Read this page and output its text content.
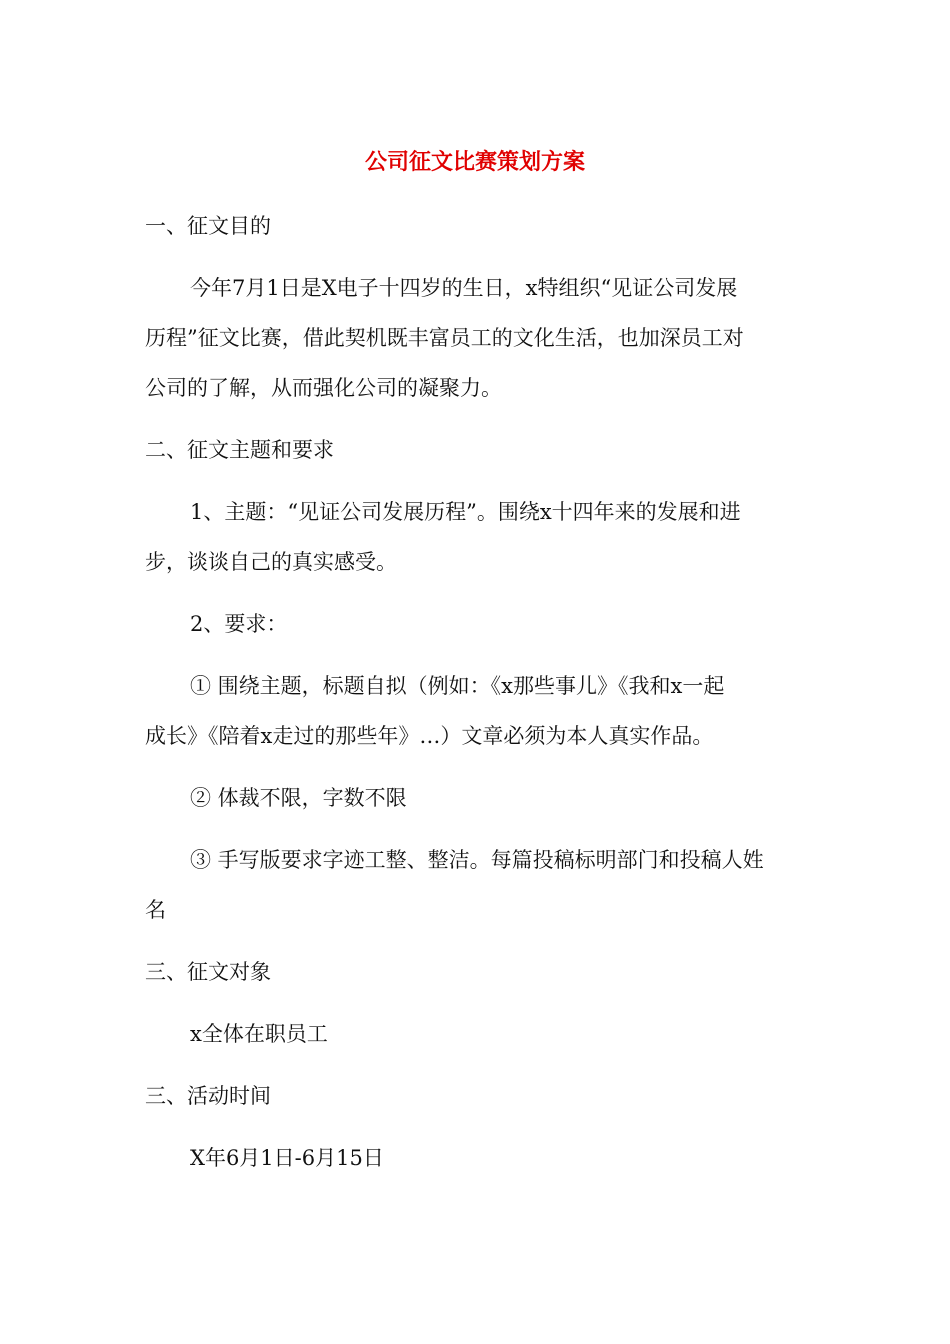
公司征文比赛策划方案
一、征文目的
今年7月1日是X电子十四岁的生日，x特组织“见证公司发展
历程”征文比赛，借此契机既丰富员工的文化生活，也加深员工对
公司的了解，从而强化公司的凝聚力。
二、征文主题和要求
1、主题：“见证公司发展历程”。围绕x十四年来的发展和进
步，谈谈自己的真实感受。
2、要求：
① 围绕主题，标题自拟（例如：《x那些事儿》《我和x一起
成长》《陪着x走过的那些年》…）文章必须为本人真实作品。
② 体裁不限，字数不限
③ 手写版要求字迹工整、整洁。每篇投稿标明部门和投稿人姓
名
三、征文对象
x全体在职员工
三、活动时间
X年6月1日-6月15日
